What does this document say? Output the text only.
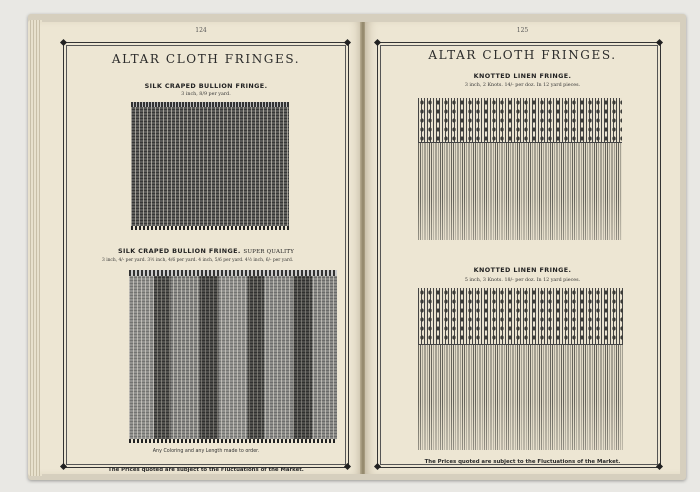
124
ALTAR CLOTH FRINGES.
SILK CRAPED BULLION FRINGE.
3 inch, 8/9 per yard.
SILK CRAPED BULLION FRINGE. SUPER QUALITY
3 inch, 4/- per yard. 3½ inch, 4/6 per yard. 4 inch, 5/6 per yard. 4½ inch, 6/- per yard.
Any Coloring and any Length made to order.
The Prices quoted are subject to the Fluctuations of the Market.
125
ALTAR CLOTH FRINGES.
KNOTTED LINEN FRINGE.
3 inch, 2 Knots. 14/- per doz. In 12 yard pieces.
KNOTTED LINEN FRINGE.
5 inch, 3 Knots. 18/- per doz. In 12 yard pieces.
The Prices quoted are subject to the Fluctuations of the Market.
